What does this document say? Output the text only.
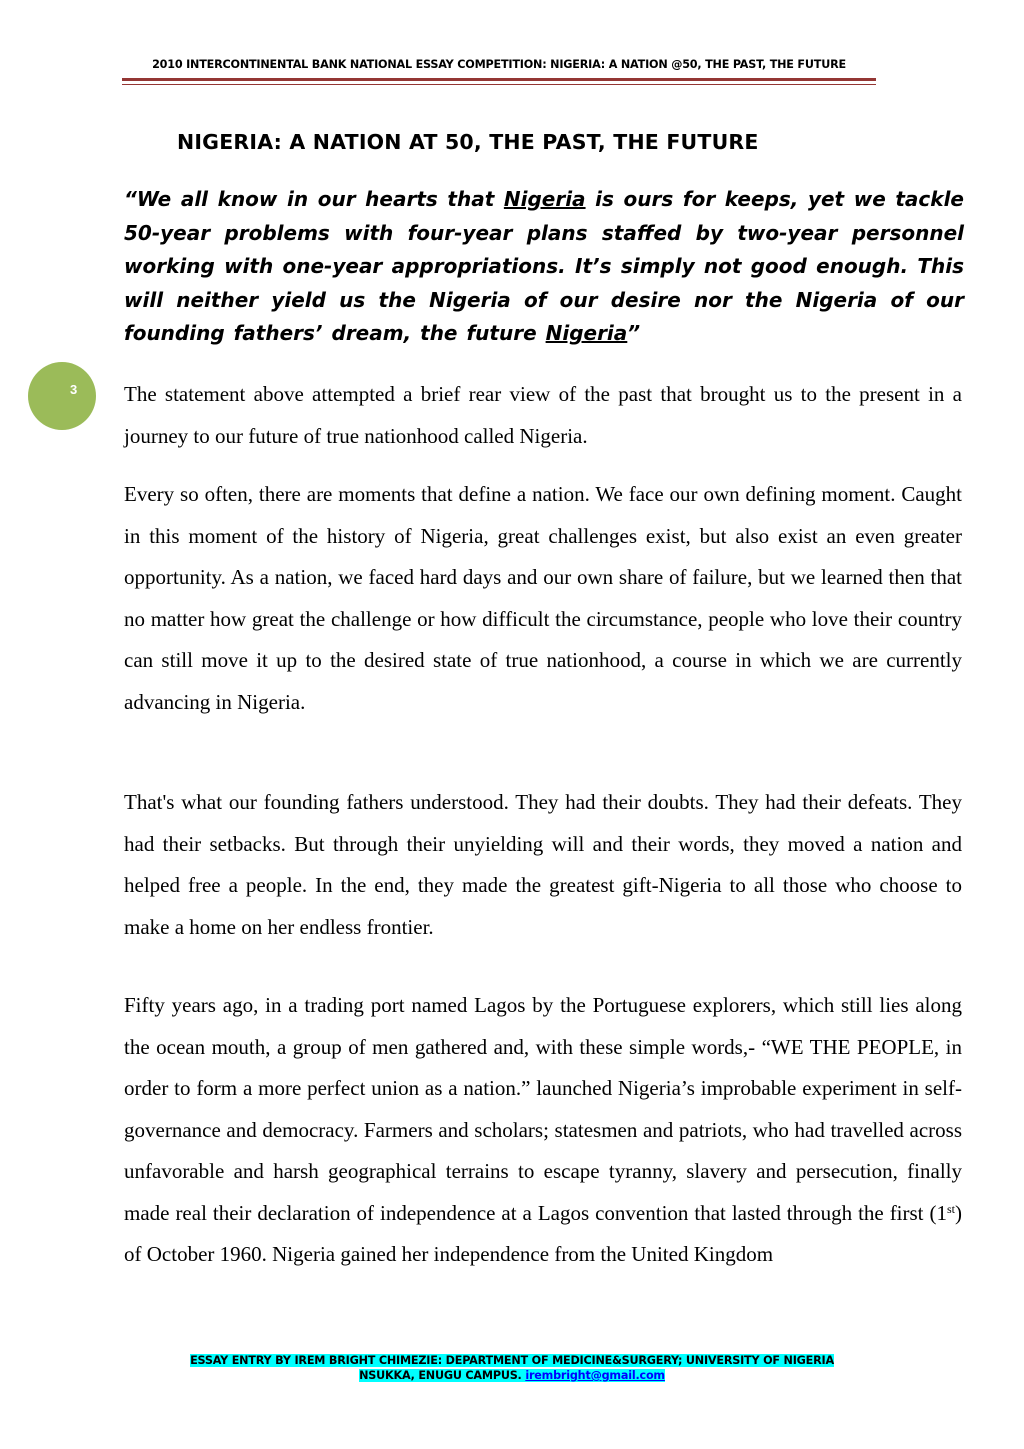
2010 INTERCONTINENTAL BANK NATIONAL ESSAY COMPETITION: NIGERIA: A NATION @50, THE PAST, THE FUTURE
3
NIGERIA: A NATION AT 50, THE PAST, THE FUTURE
“We all know in our hearts that Nigeria is ours for keeps, yet we tackle 50-year problems with four-year plans staffed by two-year personnel working with one-year appropriations. It’s simply not good enough. This will neither yield us the Nigeria of our desire nor the Nigeria of our founding fathers’ dream, the future Nigeria”
The statement above attempted a brief rear view of the past that brought us to the present in a journey to our future of true nationhood called Nigeria.
Every so often, there are moments that define a nation. We face our own defining moment. Caught in this moment of the history of Nigeria, great challenges exist, but also exist an even greater opportunity. As a nation, we faced hard days and our own share of failure, but we learned then that no matter how great the challenge or how difficult the circumstance, people who love their country can still move it up to the desired state of true nationhood, a course in which we are currently advancing in Nigeria.
That's what our founding fathers understood. They had their doubts. They had their defeats. They had their setbacks. But through their unyielding will and their words, they moved a nation and helped free a people. In the end, they made the greatest gift-Nigeria to all those who choose to make a home on her endless frontier.
Fifty years ago, in a trading port named Lagos by the Portuguese explorers, which still lies along the ocean mouth, a group of men gathered and, with these simple words,- “WE THE PEOPLE, in order to form a more perfect union as a nation.” launched Nigeria’s improbable experiment in self-governance and democracy. Farmers and scholars; statesmen and patriots, who had travelled across unfavorable and harsh geographical terrains to escape tyranny, slavery and persecution, finally made real their declaration of independence at a Lagos convention that lasted through the first (1st) of October 1960. Nigeria gained her independence from the United Kingdom
ESSAY ENTRY BY IREM BRIGHT CHIMEZIE: DEPARTMENT OF MEDICINE&SURGERY; UNIVERSITY OF NIGERIA
NSUKKA, ENUGU CAMPUS. irembright@gmail.com
